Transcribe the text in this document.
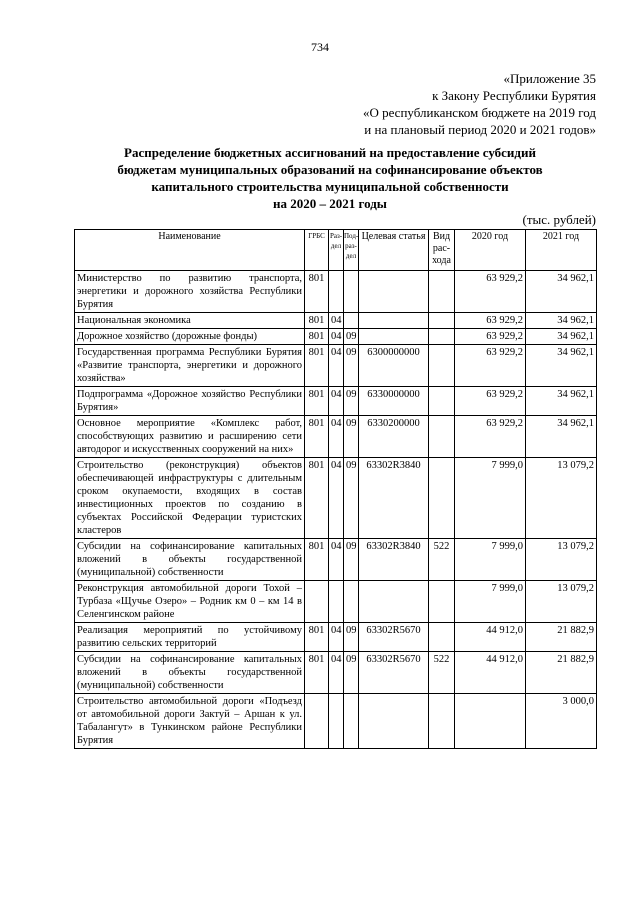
734
«Приложение 35
к Закону Республики Бурятия
«О республиканском бюджете на 2019 год
и на плановый период 2020 и 2021 годов»
Распределение бюджетных ассигнований на предоставление субсидий
бюджетам муниципальных образований на софинансирование объектов
капитального строительства муниципальной собственности
на 2020 – 2021 годы
(тыс. рублей)
Наименование	ГРБС	Раз-дел	Под-раз-дел	Целевая статья	Вид рас-хода	2020 год	2021 год
Министерство по развитию транспорта, энергетики и дорожного хозяйства Республики Бурятия	801					63 929,2	34 962,1
Национальная экономика	801	04				63 929,2	34 962,1
Дорожное хозяйство (дорожные фонды)	801	04	09			63 929,2	34 962,1
Государственная программа Республики Бурятия «Развитие транспорта, энергетики и дорожного хозяйства»	801	04	09	6300000000		63 929,2	34 962,1
Подпрограмма «Дорожное хозяйство Республики Бурятия»	801	04	09	6330000000		63 929,2	34 962,1
Основное мероприятие «Комплекс работ, способствующих развитию и расширению сети автодорог и искусственных сооружений на них»	801	04	09	6330200000		63 929,2	34 962,1
Строительство (реконструкция) объектов обеспечивающей инфраструктуры с длительным сроком окупаемости, входящих в состав инвестиционных проектов по созданию в субъектах Российской Федерации туристских кластеров	801	04	09	63302R3840		7 999,0	13 079,2
Субсидии на софинансирование капитальных вложений в объекты государственной (муниципальной) собственности	801	04	09	63302R3840	522	7 999,0	13 079,2
Реконструкция автомобильной дороги Тохой – Турбаза «Щучье Озеро» – Родник км 0 – км 14 в Селенгинском районе						7 999,0	13 079,2
Реализация мероприятий по устойчивому развитию сельских территорий	801	04	09	63302R5670		44 912,0	21 882,9
Субсидии на софинансирование капитальных вложений в объекты государственной (муниципальной) собственности	801	04	09	63302R5670	522	44 912,0	21 882,9
Строительство автомобильной дороги «Подъезд от автомобильной дороги Зактуй – Аршан к ул. Табалангут» в Тункинском районе Республики Бурятия							3 000,0
